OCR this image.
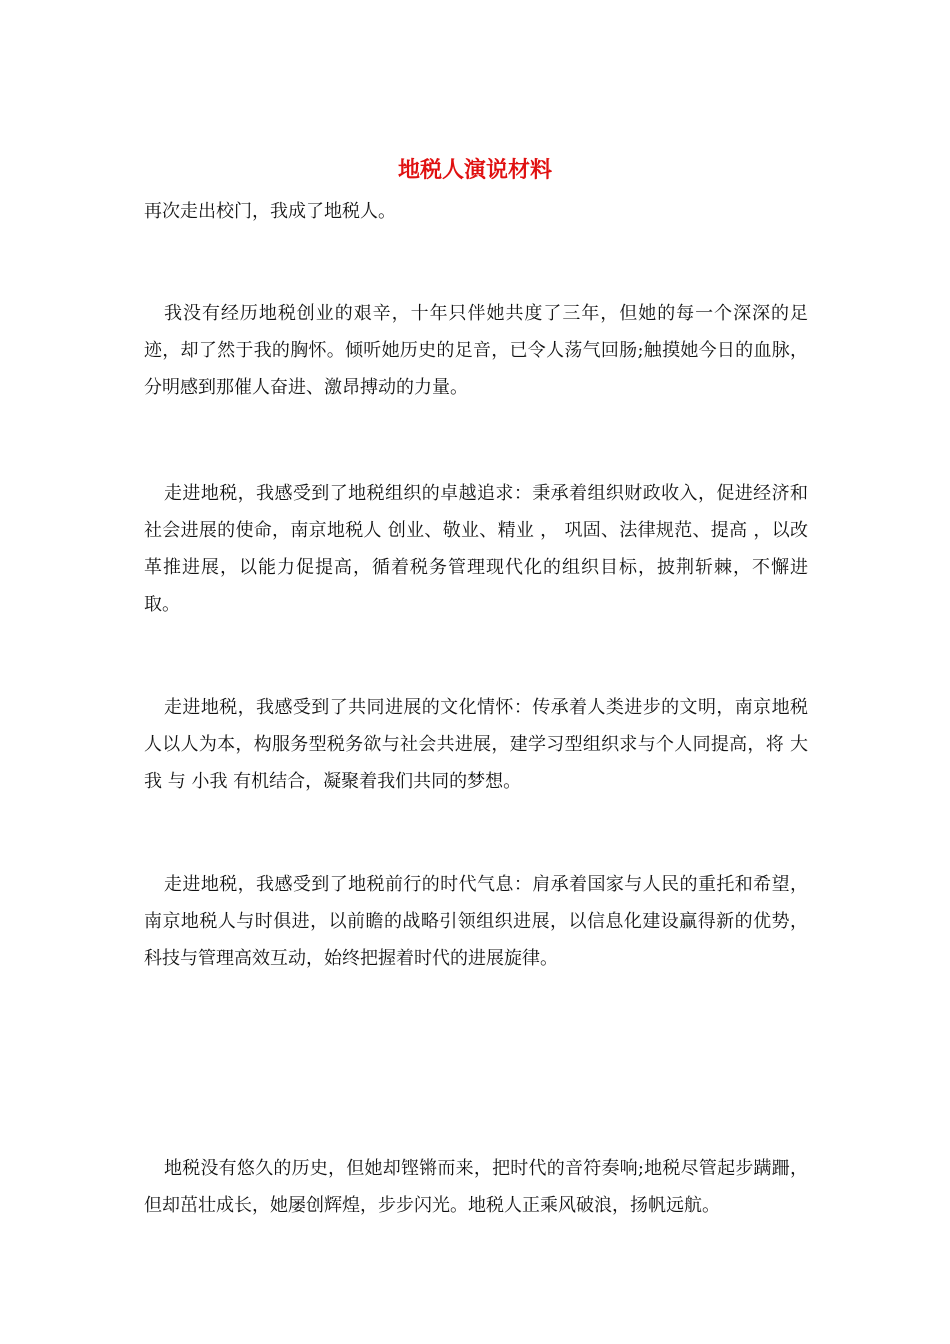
地税人演说材料

再次走出校门，我成了地税人。

我没有经历地税创业的艰辛，十年只伴她共度了三年，但她的每一个深深的足迹，却了然于我的胸怀。倾听她历史的足音，已令人荡气回肠;触摸她今日的血脉，分明感到那催人奋进、激昂搏动的力量。

走进地税，我感受到了地税组织的卓越追求：秉承着组织财政收入，促进经济和社会进展的使命，南京地税人 创业、敬业、精业 ， 巩固、法律规范、提高 ，以改革推进展，以能力促提高，循着税务管理现代化的组织目标，披荆斩棘，不懈进取。

走进地税，我感受到了共同进展的文化情怀：传承着人类进步的文明，南京地税人以人为本，构服务型税务欲与社会共进展，建学习型组织求与个人同提高，将 大我 与 小我 有机结合，凝聚着我们共同的梦想。

走进地税，我感受到了地税前行的时代气息：肩承着国家与人民的重托和希望，南京地税人与时俱进，以前瞻的战略引领组织进展，以信息化建设赢得新的优势，科技与管理高效互动，始终把握着时代的进展旋律。

地税没有悠久的历史，但她却铿锵而来，把时代的音符奏响;地税尽管起步蹒跚，但却茁壮成长，她屡创辉煌，步步闪光。地税人正乘风破浪，扬帆远航。
